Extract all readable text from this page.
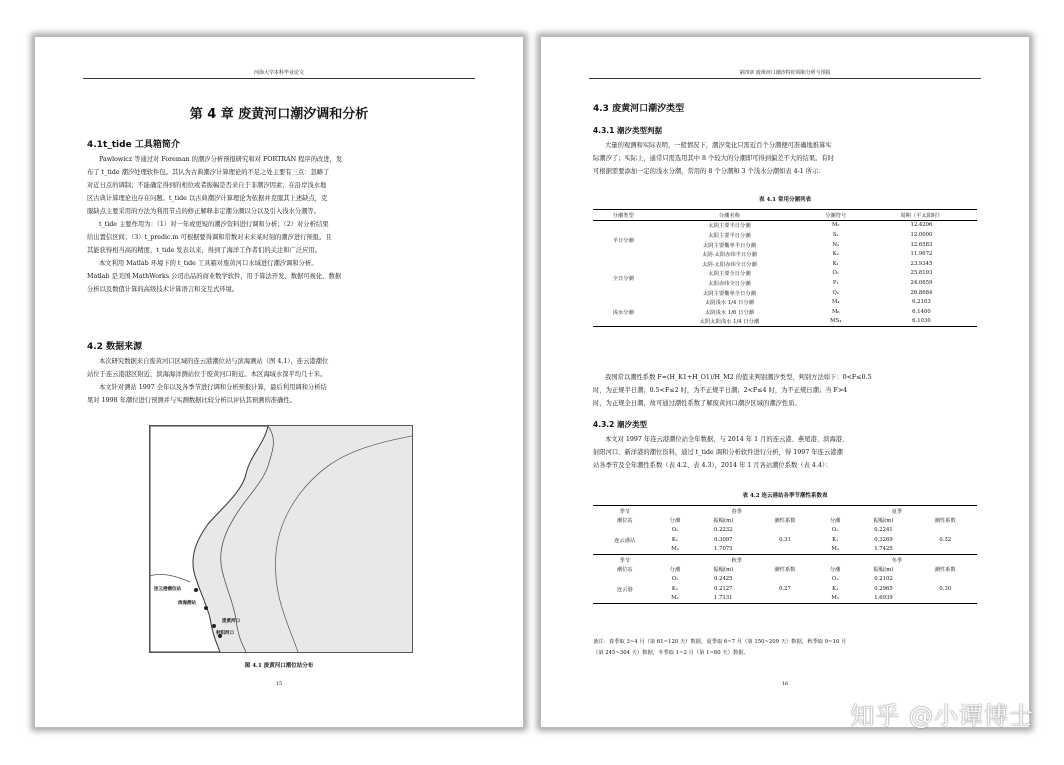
河海大学本科毕业论文
第 4 章 废黄河口潮汐调和分析
4.1t_tide 工具箱简介
Pawlowicz 等通过对 Foreman 的潮汐分析预报研究和对 FORTRAN 程序的改进，发
布了 t_tide 潮汐处理软件包。其认为古典潮汐计算理论的不足之处主要有三点：忽略了
对近日点的调制；不能确定得到的相位或者振幅是否来自于非潮汐因素；在沿岸浅水地
区古典计算理论也存在问题。t_tide 以古典潮汐计算理论为依据并克服其上述缺点，克
服缺点主要采用的方法为利用节点的修正解释非定潮分潮以分以及引入浅水分潮等。
t_tide 主要作用为：（1）对一年或更短的潮汐资料进行调和分析；（2）对分析结果
给出置信区间；（3）t_predic.m 可根据要得调和常数对未来某时刻的潮汐进行预报。且
其能获得相当高的精度，t_tide 发表以来，得到了海洋工作者们的关注和广泛应用。
本文利用 Matlab 环境下的 t_tide 工具箱对废黄河口水域进行潮汐调和分析。
Matlab 是美国 MathWorks 公司出品的商业数学软件，用于算法开发、数据可视化、数据
分析以及数值计算的高级技术计算语言和交互式环境。
4.2 数据来源
本次研究数据来自废黄河口区域的连云港潮位站与滨海测站（图 4.1），连云港潮位
站位于连云港港区附近，滨海海洋测站位于废黄河口附近。本区海域水深平均几十米。
本文针对测站 1997 全年以及各季节进行调和分析预报计算，最后利用调和分析结
果对 1998 年潮位进行预测并与实测数据比较分析以评估其预测的准确性。
连云港潮位站
滨海测站
废黄河口
射阳河口
图 4.1 废黄河口潮位站分布
15
第四章 废黄河口潮汐特征调和分析与预报
4.3 废黄河口潮汐类型
4.3.1 潮汐类型判据
大量的观测和实际表明，一般情况下，潮汐变化只需近百个分潮便可准确地推算实
际潮汐了；实际上，通常只需选用其中 8 个较大的分潮即可得到偏差不大的结果。有时
可根据需要添加一定的浅水分潮，常用的 8 个分潮和 3 个浅水分潮如表 4-1 所示：
表 4.1 常用分潮列表
分潮类型	分潮名称	分潮符号	周期（平太阳时）
半日分潮	太阴主要半日分潮	M₂	12.4206
	太阳主要半日分潮	S₂	12.0000
	太阴主要椭率半日分潮	N₂	12.6583
	太阴-太阳赤纬半日分潮	K₂	11.9672
全日分潮	太阴-太阳赤纬全日分潮	K₁	23.9345
	太阴主要全日分潮	O₁	25.8193
	太阳赤纬全日分潮	P₁	24.0659
	太阴主要椭率全日分潮	Q₁	26.8684
浅水分潮	太阴浅水 1/4 日分潮	M₄	6.2103
	太阴浅水 1/6 日分潮	M₆	6.1400
	太阴太阳浅水 1/4 日分潮	MS₄	6.1030
我国常以潮性系数 F=(H_K1+H_O1)/H_M2 的值来判别潮汐类型，判别方法如下：0<F≤0.5
时，为正规半日潮；0.5<F≤2 时，为不正规半日潮；2<F≤4 时，为不正规日潮；当 F>4
时，为正规全日潮，故可通过潮性系数了解废黄河口潮汐区域的潮汐性质。
4.3.2 潮汐类型
本文对 1997 年连云港潮位站全年数据，与 2014 年 1 月的连云港、燕尾港、滨海港、
射阳河口、新洋港的潮位资料，通过 t_tide 调和分析软件进行分析，得 1997 年连云港潮
站各季节及全年潮性系数（表 4.2、表 4.3），2014 年 1 月各站潮位系数（表 4.4）：
表 4.2 连云港站各季节潮性系数表
季节	春季			夏季		
潮位站	分潮	振幅(m)	潮性系数	分潮	振幅(m)	潮性系数
连云港站	O₁	0.2232	0.31	O₁	0.2241	0.32
	K₁	0.3097		K₁	0.3269	
	M₂	1.7075		M₂	1.7425	
季节	秋季			冬季		
潮位站	分潮	振幅(m)	潮性系数	分潮	振幅(m)	潮性系数
连云港	O₁	0.2425	0.27	O₁	0.2102	0.30
	K₁	0.2127		K₁	0.2965	
	M₂	1.7131		M₂	1.6939	
备注：春季取 3~4 月（第 61~120 天）数据，夏季取 6~7 月（第 150~209 天）数据，秋季取 9~10 月
（第 245~304 天）数据，冬季取 1~2 月（第 1~60 天）数据。
16
知乎 @小谭博士
